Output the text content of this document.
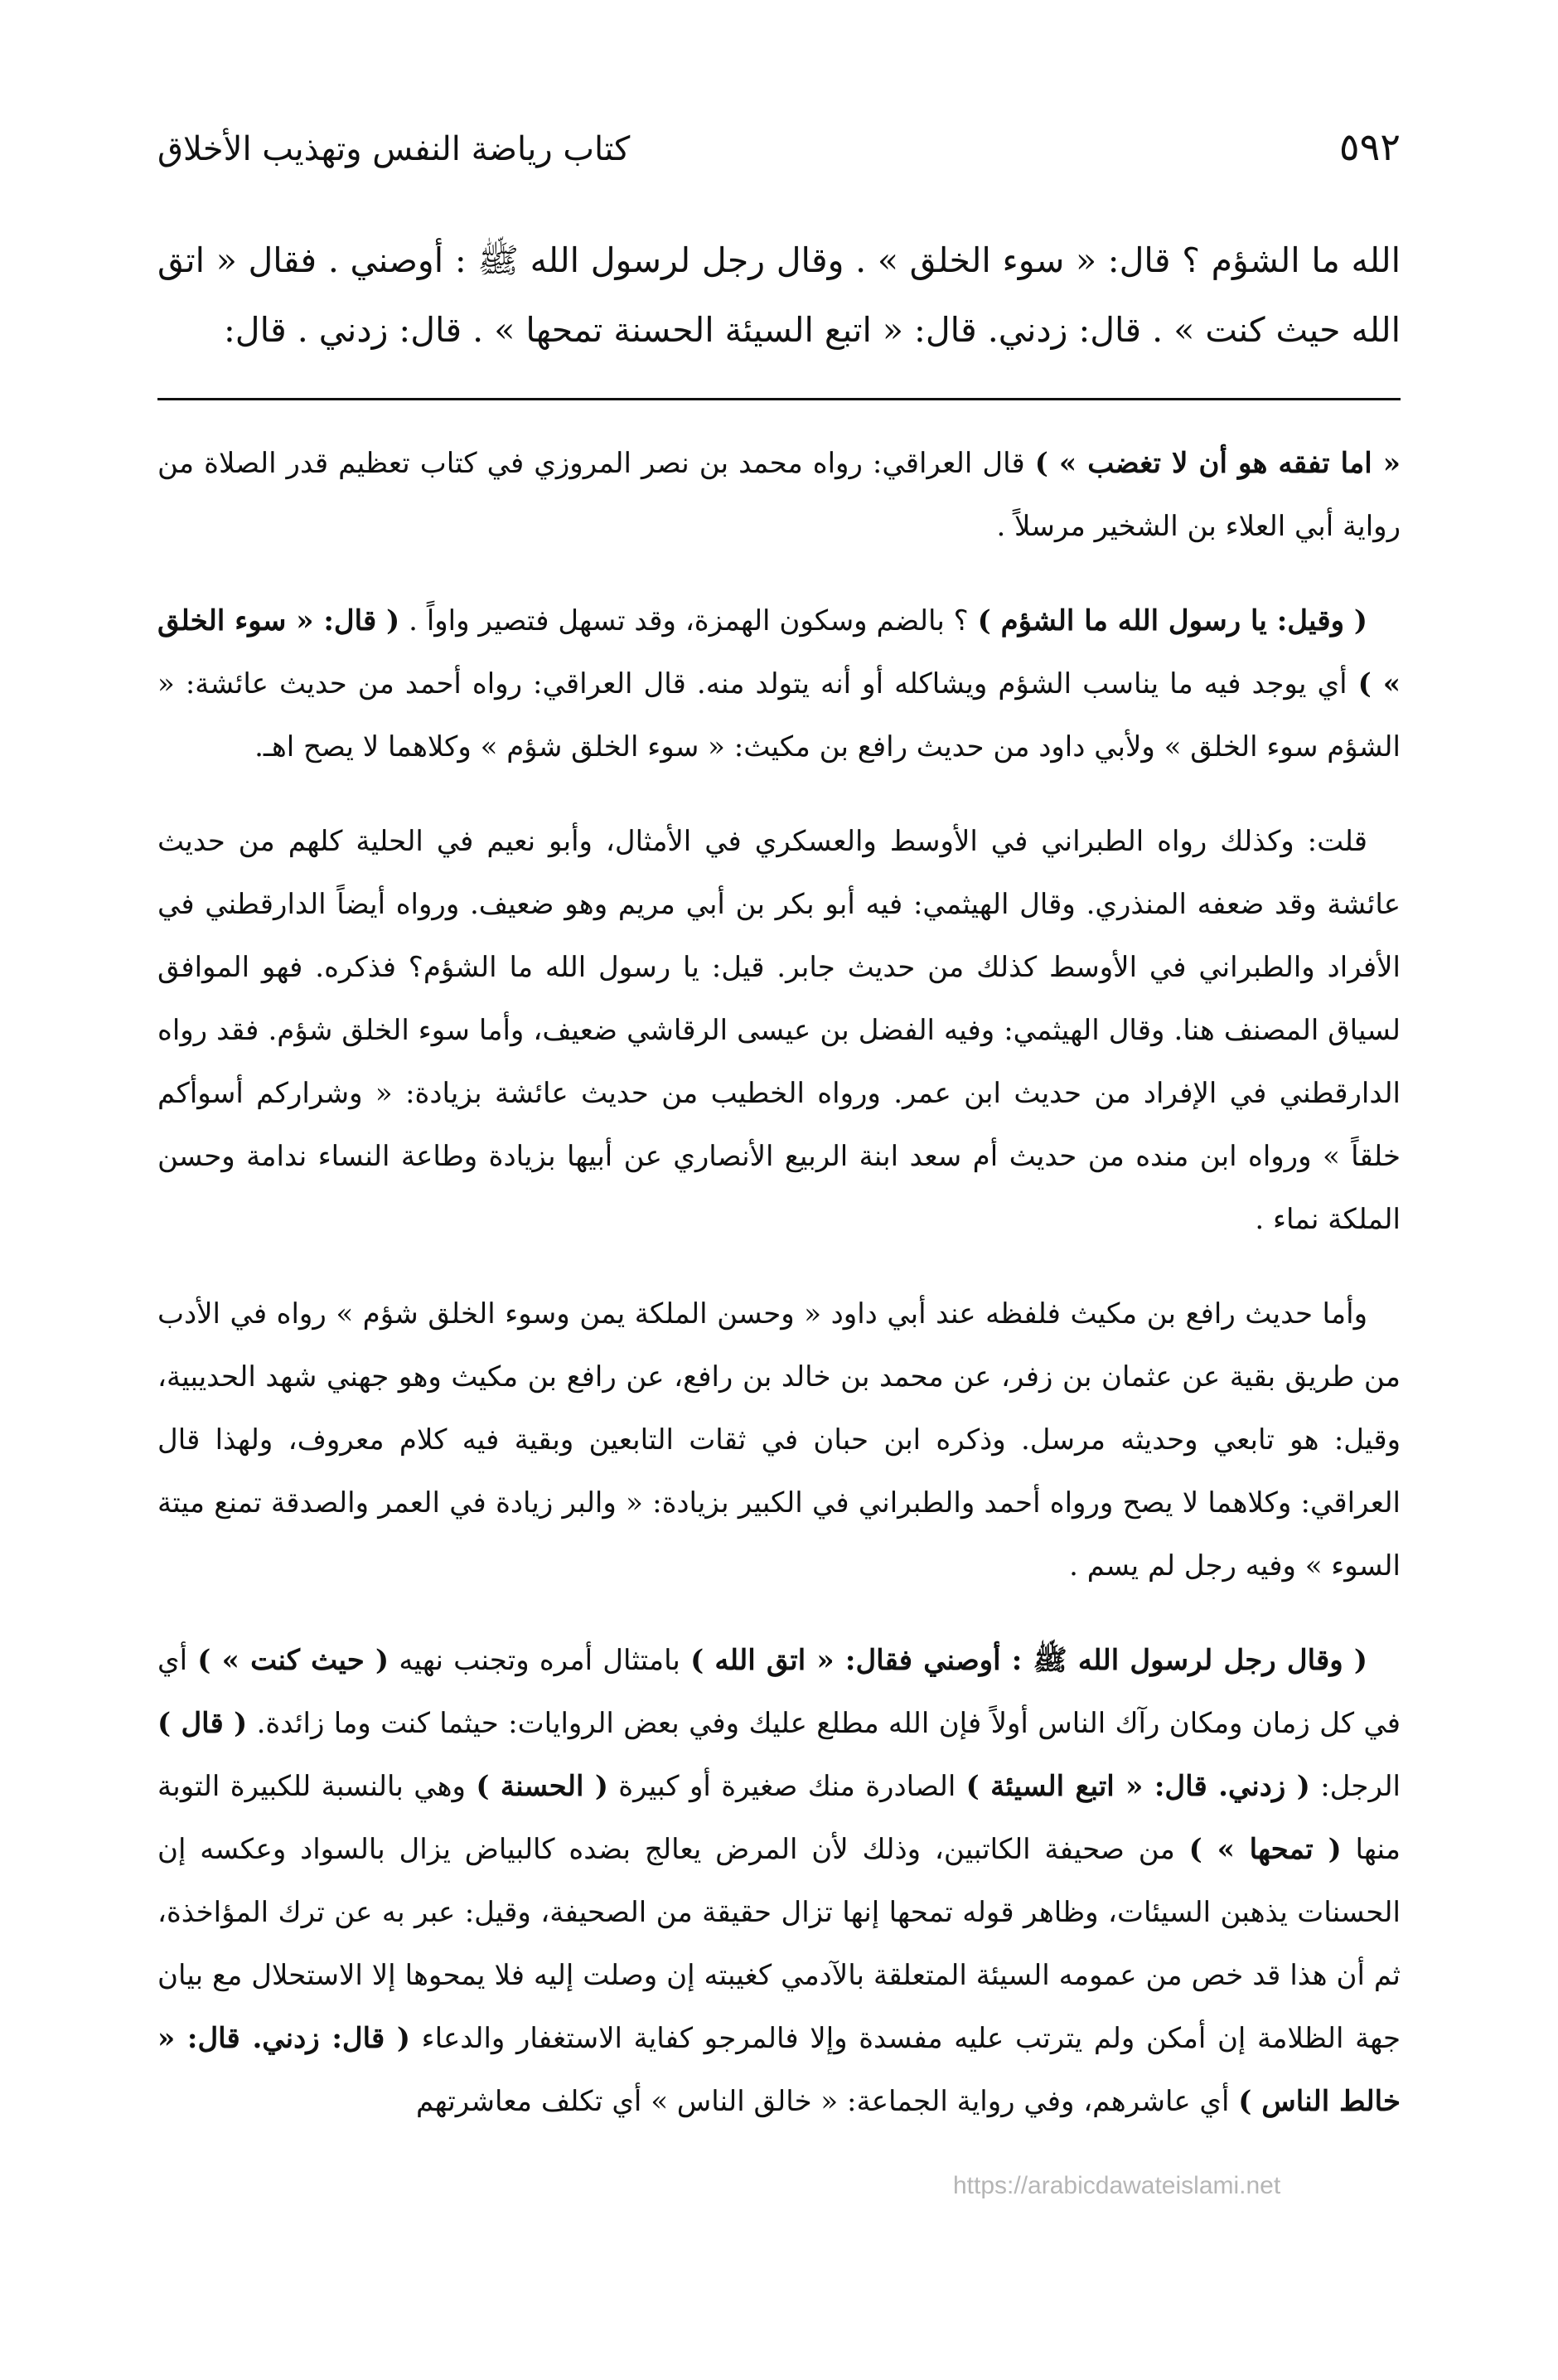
٥٩٢
كتاب رياضة النفس وتهذيب الأخلاق
الله ما الشؤم ؟ قال: « سوء الخلق » . وقال رجل لرسول الله ﷺ : أوصني . فقال « اتق الله حيث كنت » . قال: زدني. قال: « اتبع السيئة الحسنة تمحها » . قال: زدني . قال:

« اما تفقه هو أن لا تغضب » ) قال العراقي: رواه محمد بن نصر المروزي في كتاب تعظيم قدر الصلاة من رواية أبي العلاء بن الشخير مرسلاً .

( وقيل: يا رسول الله ما الشؤم ) ؟ بالضم وسكون الهمزة، وقد تسهل فتصير واواً . ( قال: « سوء الخلق » ) أي يوجد فيه ما يناسب الشؤم ويشاكله أو أنه يتولد منه. قال العراقي: رواه أحمد من حديث عائشة: « الشؤم سوء الخلق » ولأبي داود من حديث رافع بن مكيث: « سوء الخلق شؤم » وكلاهما لا يصح اهـ.

قلت: وكذلك رواه الطبراني في الأوسط والعسكري في الأمثال، وأبو نعيم في الحلية كلهم من حديث عائشة وقد ضعفه المنذري. وقال الهيثمي: فيه أبو بكر بن أبي مريم وهو ضعيف. ورواه أيضاً الدارقطني في الأفراد والطبراني في الأوسط كذلك من حديث جابر. قيل: يا رسول الله ما الشؤم؟ فذكره. فهو الموافق لسياق المصنف هنا. وقال الهيثمي: وفيه الفضل بن عيسى الرقاشي ضعيف، وأما سوء الخلق شؤم. فقد رواه الدارقطني في الإفراد من حديث ابن عمر. ورواه الخطيب من حديث عائشة بزيادة: « وشراركم أسوأكم خلقاً » ورواه ابن منده من حديث أم سعد ابنة الربيع الأنصاري عن أبيها بزيادة وطاعة النساء ندامة وحسن الملكة نماء .

وأما حديث رافع بن مكيث فلفظه عند أبي داود « وحسن الملكة يمن وسوء الخلق شؤم » رواه في الأدب من طريق بقية عن عثمان بن زفر، عن محمد بن خالد بن رافع، عن رافع بن مكيث وهو جهني شهد الحديبية، وقيل: هو تابعي وحديثه مرسل. وذكره ابن حبان في ثقات التابعين وبقية فيه كلام معروف، ولهذا قال العراقي: وكلاهما لا يصح ورواه أحمد والطبراني في الكبير بزيادة: « والبر زيادة في العمر والصدقة تمنع ميتة السوء » وفيه رجل لم يسم .

( وقال رجل لرسول الله ﷺ : أوصني فقال: « اتق الله ) بامتثال أمره وتجنب نهيه ( حيث كنت » ) أي في كل زمان ومكان رآك الناس أولاً فإن الله مطلع عليك وفي بعض الروايات: حيثما كنت وما زائدة. ( قال ) الرجل: ( زدني. قال: « اتبع السيئة ) الصادرة منك صغيرة أو كبيرة ( الحسنة ) وهي بالنسبة للكبيرة التوبة منها ( تمحها » ) من صحيفة الكاتبين، وذلك لأن المرض يعالج بضده كالبياض يزال بالسواد وعكسه إن الحسنات يذهبن السيئات، وظاهر قوله تمحها إنها تزال حقيقة من الصحيفة، وقيل: عبر به عن ترك المؤاخذة، ثم أن هذا قد خص من عمومه السيئة المتعلقة بالآدمي كغيبته إن وصلت إليه فلا يمحوها إلا الاستحلال مع بيان جهة الظلامة إن أمكن ولم يترتب عليه مفسدة وإلا فالمرجو كفاية الاستغفار والدعاء ( قال: زدني. قال: « خالط الناس ) أي عاشرهم، وفي رواية الجماعة: « خالق الناس » أي تكلف معاشرتهم

https://arabicdawateislami.net
